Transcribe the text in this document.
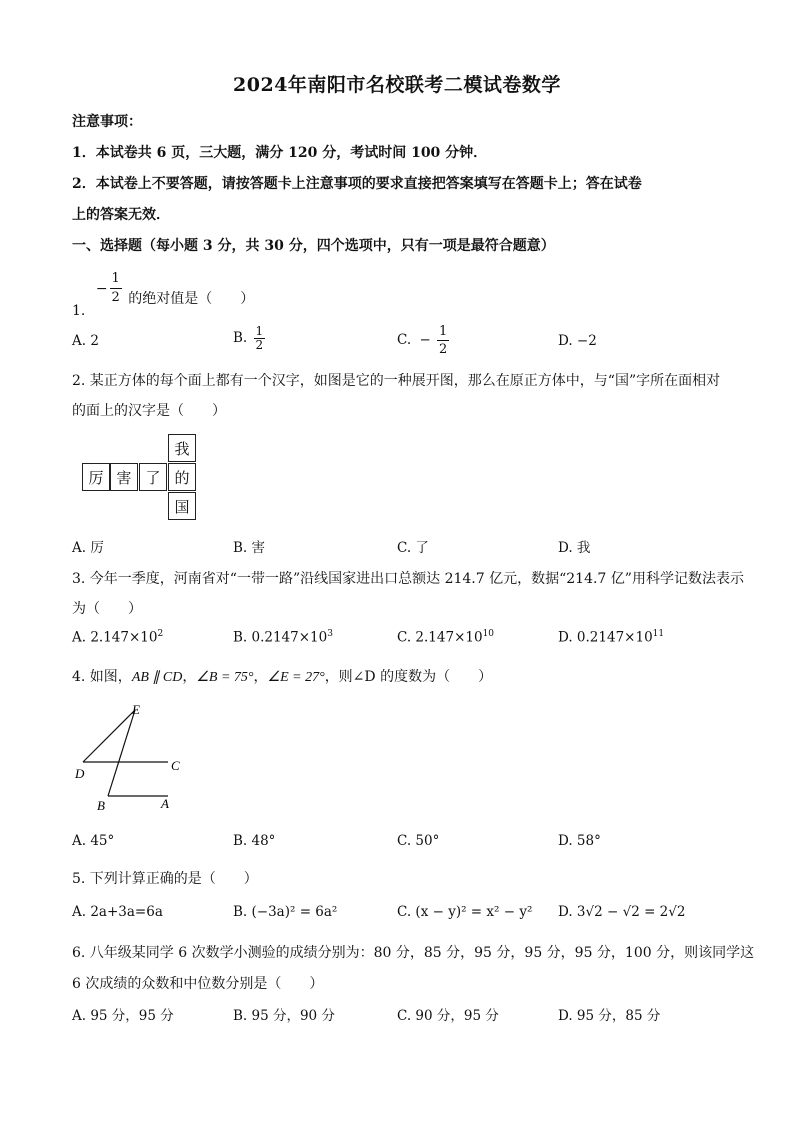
2024年南阳市名校联考二模试卷数学
注意事项：
1．本试卷共 6 页，三大题，满分 120 分，考试时间 100 分钟．
2．本试卷上不要答题，请按答题卡上注意事项的要求直接把答案填写在答题卡上；答在试卷
上的答案无效．
一、选择题（每小题 3 分，共 30 分，四个选项中，只有一项是最符合题意）
1.
− $\frac{1}{2}$ 的绝对值是（　　）
A. 2	B. $\frac{1}{2}$	C. − $\frac{1}{2}$	D. −2
2. 某正方体的每个面上都有一个汉字，如图是它的一种展开图，那么在原正方体中，与“国”字所在面相对
的面上的汉字是（　　）
我
厉 害 了 的
国
A. 厉	B. 害	C. 了	D. 我
3. 今年一季度，河南省对“一带一路”沿线国家进出口总额达 214.7 亿元，数据“214.7 亿”用科学记数法表示
为（　　）
A. $2.147\times 10^2$	B. $0.2147\times 10^3$	C. $2.147\times 10^{10}$	D. $0.2147\times 10^{11}$
4. 如图，AB ∥ CD，∠B = 75°，∠E = 27°，则∠D 的度数为（　　）
E
D
C
B	A
A. 45°	B. 48°	C. 50°	D. 58°
5. 下列计算正确的是（　　）
A. 2a+3a=6a	B. (−3a)² = 6a²	C. (x − y)² = x² − y² D. 3√2 − √2 = 2√2
6. 八年级某同学 6 次数学小测验的成绩分别为：80 分，85 分，95 分，95 分，95 分，100 分，则该同学这
6 次成绩的众数和中位数分别是（　　）
A. 95 分，95 分	B. 95 分，90 分	C. 90 分，95 分	D. 95 分，85 分
